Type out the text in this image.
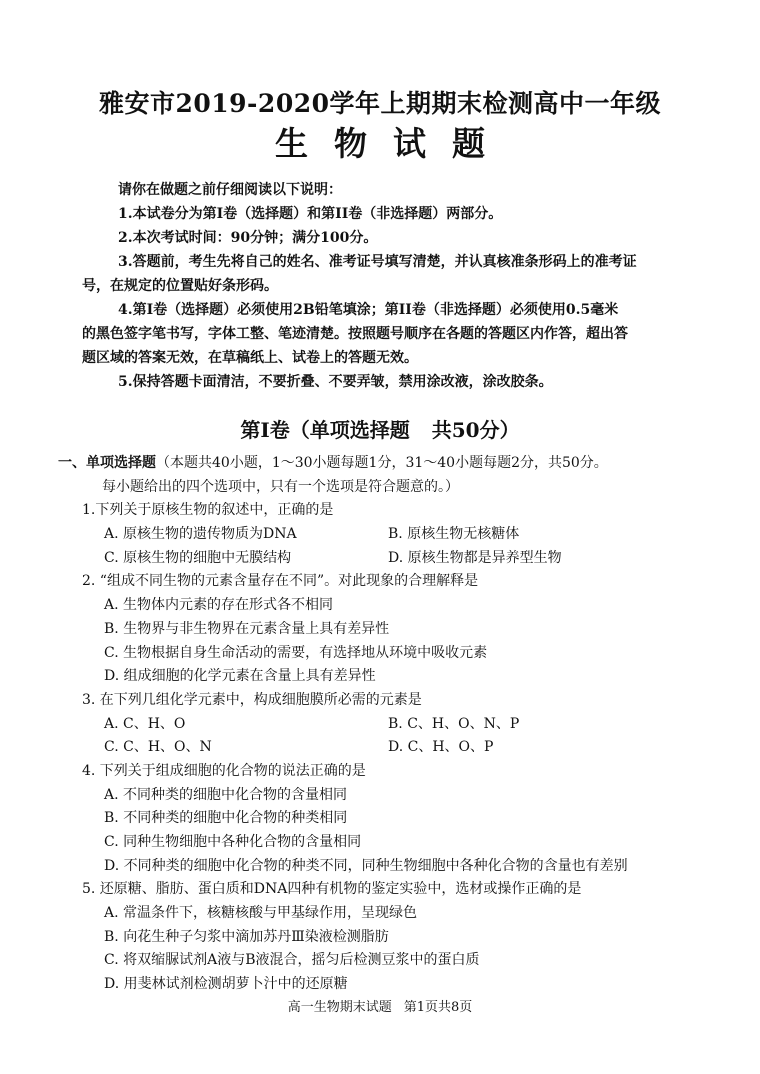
雅安市2019-2020学年上期期末检测高中一年级
生物试题

请你在做题之前仔细阅读以下说明：

1.本试卷分为第Ⅰ卷（选择题）和第II卷（非选择题）两部分。

2.本次考试时间：90分钟；满分100分。

3.答题前，考生先将自己的姓名、准考证号填写清楚，并认真核准条形码上的准考证

号，在规定的位置贴好条形码。

4.第Ⅰ卷（选择题）必须使用2B铅笔填涂；第II卷（非选择题）必须使用0.5毫米

的黑色签字笔书写，字体工整、笔迹清楚。按照题号顺序在各题的答题区内作答，超出答

题区域的答案无效，在草稿纸上、试卷上的答题无效。

5.保持答题卡面清洁，不要折叠、不要弄皱，禁用涂改液，涂改胶条。

第Ⅰ卷（单项选择题 共50分）
一、单项选择题（本题共40小题，1～30小题每题1分，31～40小题每题2分，共50分。
每小题给出的四个选项中，只有一个选项是符合题意的。）
1.下列关于原核生物的叙述中，正确的是
A. 原核生物的遗传物质为DNA	B. 原核生物无核糖体
C. 原核生物的细胞中无膜结构	D. 原核生物都是异养型生物
2. “组成不同生物的元素含量存在不同”。对此现象的合理解释是
A. 生物体内元素的存在形式各不相同
B. 生物界与非生物界在元素含量上具有差异性
C. 生物根据自身生命活动的需要，有选择地从环境中吸收元素
D. 组成细胞的化学元素在含量上具有差异性
3. 在下列几组化学元素中，构成细胞膜所必需的元素是
A. C、H、O	B. C、H、O、N、P
C. C、H、O、N	D. C、H、O、P
4. 下列关于组成细胞的化合物的说法正确的是
A. 不同种类的细胞中化合物的含量相同
B. 不同种类的细胞中化合物的种类相同
C. 同种生物细胞中各种化合物的含量相同
D. 不同种类的细胞中化合物的种类不同，同种生物细胞中各种化合物的含量也有差别
5. 还原糖、脂肪、蛋白质和DNA四种有机物的鉴定实验中，选材或操作正确的是
A. 常温条件下，核糖核酸与甲基绿作用，呈现绿色
B. 向花生种子匀浆中滴加苏丹Ⅲ染液检测脂肪
C. 将双缩脲试剂A液与B液混合，摇匀后检测豆浆中的蛋白质
D. 用斐林试剂检测胡萝卜汁中的还原糖
高一生物期末试题 第1页共8页
